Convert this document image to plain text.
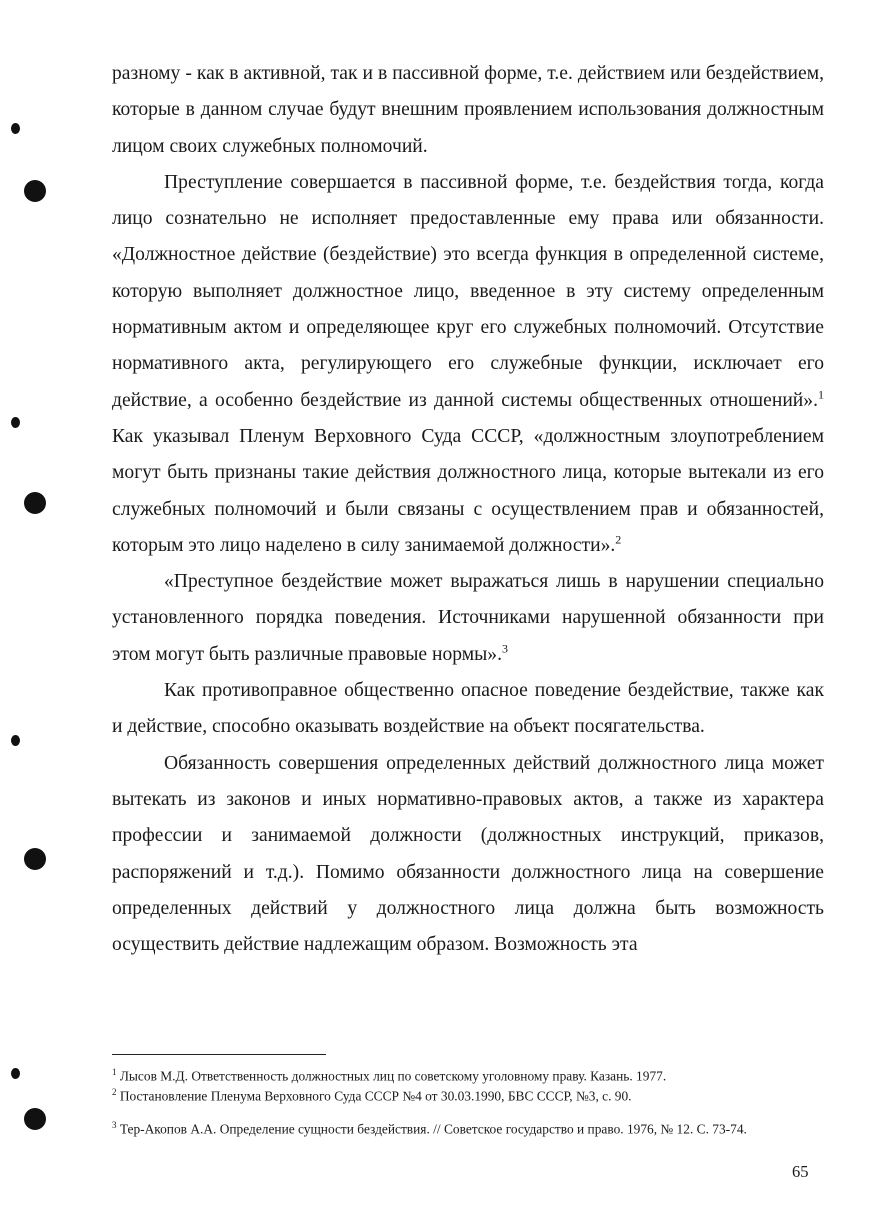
разному - как в активной, так и в пассивной форме, т.е. действием или бездействием, которые в данном случае будут внешним проявлением использования должностным лицом своих служебных полномочий.

Преступление совершается в пассивной форме, т.е. бездействия тогда, когда лицо сознательно не исполняет предоставленные ему права или обязанности. «Должностное действие (бездействие) это всегда функция в определенной системе, которую выполняет должностное лицо, введенное в эту систему определенным нормативным актом и определяющее круг его служебных полномочий. Отсутствие нормативного акта, регулирующего его служебные функции, исключает его действие, а особенно бездействие из данной системы общественных отношений».$^1$ Как указывал Пленум Верховного Суда СССР, «должностным злоупотреблением могут быть признаны такие действия должностного лица, которые вытекали из его служебных полномочий и были связаны с осуществлением прав и обязанностей, которым это лицо наделено в силу занимаемой должности».$^2$

«Преступное бездействие может выражаться лишь в нарушении специально установленного порядка поведения. Источниками нарушенной обязанности при этом могут быть различные правовые нормы».$^3$

Как противоправное общественно опасное поведение бездействие, также как и действие, способно оказывать воздействие на объект посягательства.

Обязанность совершения определенных действий должностного лица может вытекать из законов и иных нормативно-правовых актов, а также из характера профессии и занимаемой должности (должностных инструкций, приказов, распоряжений и т.д.). Помимо обязанности должностного лица на совершение определенных действий у должностного лица должна быть возможность осуществить действие надлежащим образом. Возможность эта

$^1$ Лысов М.Д. Ответственность должностных лиц по советскому уголовному праву. Казань. 1977.

$^2$ Постановление Пленума Верховного Суда СССР №4 от 30.03.1990, БВС СССР, №3, с. 90.

$^3$ Тер-Акопов А.А. Определение сущности бездействия. // Советское государство и право. 1976, № 12. С. 73-74.

65
